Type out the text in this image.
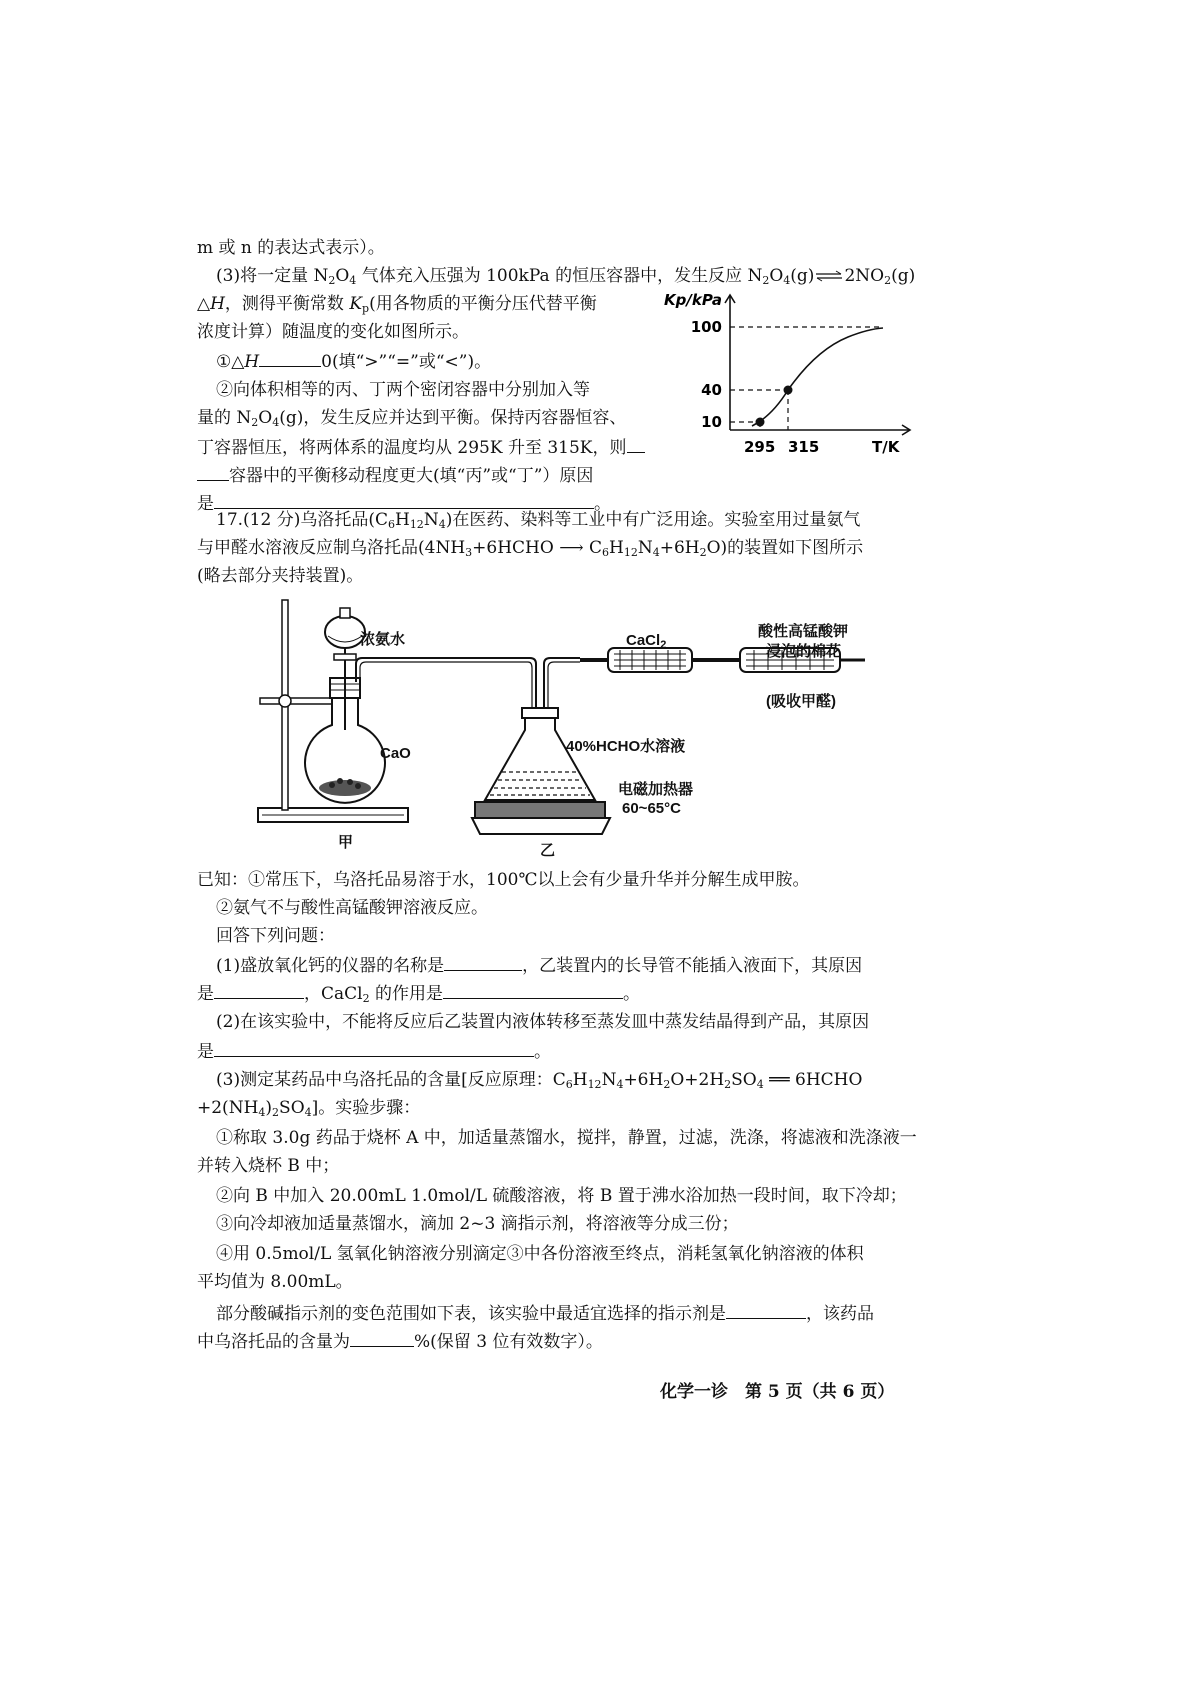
m 或 n 的表达式表示）。
(3)将一定量 $N_2O_4$ 气体充入压强为 100kPa 的恒压容器中，发生反应 $N_2O_4(g)\rightleftharpoons 2NO_2(g)$
△H，测得平衡常数 $K_p$(用各物质的平衡分压代替平衡
浓度计算）随温度的变化如图所示。
①△H	0(填“>”“=”或“<”)。
②向体积相等的丙、丁两个密闭容器中分别加入等
量的 $N_2O_4(g)$，发生反应并达到平衡。保持丙容器恒容、
丁容器恒压，将两体系的温度均从 295K 升至 315K，则
容器中的平衡移动程度更大(填“丙”或“丁”）原因
是	。
Kp/kPa
T/K
100
40
10
295 315
17.(12 分)乌洛托品$(C_6H_{12}N_4)$在医药、染料等工业中有广泛用途。实验室用过量氨气
与甲醛水溶液反应制乌洛托品($4NH_3+6HCHO$ ⟶ $C_6H_{12}N_4+6H_2O$)的装置如下图所示
(略去部分夹持装置)。
浓氨水
CaO
CaCl$_2$
酸性高锰酸钾
浸泡的棉花
(吸收甲醛)
40%HCHO水溶液
电磁加热器
60~65°C
甲	乙
已知：①常压下，乌洛托品易溶于水，100℃以上会有少量升华并分解生成甲胺。
②氨气不与酸性高锰酸钾溶液反应。
回答下列问题：
(1)盛放氧化钙的仪器的名称是	，乙装置内的长导管不能插入液面下，其原因
是	，CaCl$_2$ 的作用是	。
(2)在该实验中，不能将反应后乙装置内液体转移至蒸发皿中蒸发结晶得到产品，其原因
是	。
(3)测定某药品中乌洛托品的含量[反应原理：$C_6H_{12}N_4+6H_2O+2H_2SO_4$ ══ 6HCHO
$+2(NH_4)_2SO_4$]。实验步骤：
①称取 3.0g 药品于烧杯 A 中，加适量蒸馏水，搅拌，静置，过滤，洗涤，将滤液和洗涤液一
并转入烧杯 B 中；
②向 B 中加入 20.00mL 1.0mol/L 硫酸溶液，将 B 置于沸水浴加热一段时间，取下冷却；
③向冷却液加适量蒸馏水，滴加 2~3 滴指示剂，将溶液等分成三份；
④用 0.5mol/L 氢氧化钠溶液分别滴定③中各份溶液至终点，消耗氢氧化钠溶液的体积
平均值为 8.00mL。
部分酸碱指示剂的变色范围如下表，该实验中最适宜选择的指示剂是	，该药品
中乌洛托品的含量为	%(保留 3 位有效数字）。
化学一诊　第 5 页（共 6 页）
